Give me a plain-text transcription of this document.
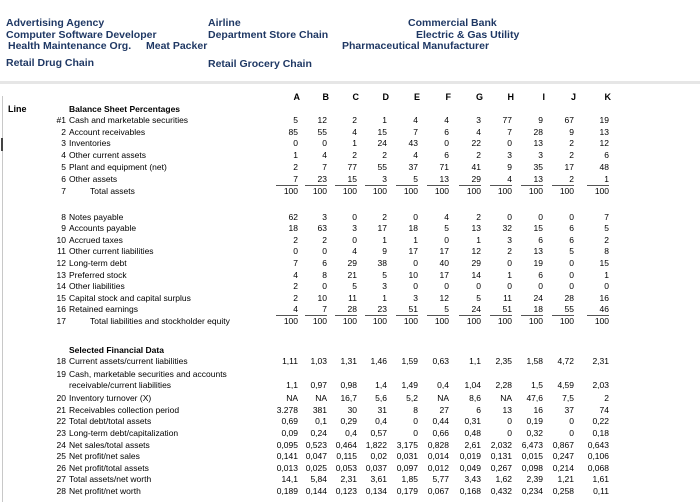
Advertising Agency	Airline	Commercial Bank
Computer Software Developer	Department Store Chain	Electric & Gas Utility
Health Maintenance Org. Meat Packer	Pharmaceutical Manufacturer
Retail Drug Chain	Retail Grocery Chain
Line
A	B	C	D	E	F	G	H	I	J	K
Balance Sheet Percentages
#1 Cash and marketable securities	5	12	2	1	4	4	3	77	9	67	19
2 Account receivables	85	55	4	15	7	6	4	7	28	9	13
3 Inventories	0	0	1	24	43	0	22	0	13	2	12
4 Other current assets	1	4	2	2	4	6	2	3	3	2	6
5 Plant and equipment (net)	2	7	77	55	37	71	41	9	35	17	48
6 Other assets	7	23	15	3	5	13	29	4	13	2	1
7	Total assets	100	100	100	100	100	100	100	100	100	100	100
8 Notes payable	62	3	0	2	0	4	2	0	0	0	7
9 Accounts payable	18	63	3	17	18	5	13	32	15	6	5
10 Accrued taxes	2	2	0	1	1	0	1	3	6	6	2
11 Other current liabilities	0	0	4	9	17	17	12	2	13	5	8
12 Long-term debt	7	6	29	38	0	40	29	0	19	0	15
13 Preferred stock	4	8	21	5	10	17	14	1	6	0	1
14 Other liabilities	2	0	5	3	0	0	0	0	0	0	0
15 Capital stock and capital surplus	2	10	11	1	3	12	5	11	24	28	16
16 Retained earnings	4	7	28	23	51	5	24	51	18	55	46
17	Total liabilities and stockholder equity	100	100	100	100	100	100	100	100	100	100	100
Selected Financial Data
18 Current assets/current liabilities	1,11	1,03	1,31	1,46	1,59	0,63	1,1	2,35	1,58	4,72	2,31
19 Cash, marketable securities and accounts
receivable/current liabilities	1,1	0,97	0,98	1,4	1,49	0,4	1,04	2,28	1,5	4,59	2,03
20 Inventory turnover (X)	NA	NA	16,7	5,6	5,2	NA	8,6	NA	47,6	7,5	2
21 Receivables collection period	3.278	381	30	31	8	27	6	13	16	37	74
22 Total debt/total assets	0,69	0,1	0,29	0,4	0	0,44	0,31	0	0,19	0	0,22
23 Long-term debt/capitalization	0,09	0,24	0,4	0,57	0	0,66	0,48	0	0,32	0	0,18
24 Net sales/total assets	0,095 0,523	0,464	1,822	3,175	0,828	2,61	2,032	6,473	0,867	0,643
25 Net profit/net sales	0,141 0,047	0,115	0,02	0,031	0,014	0,019	0,131	0,015	0,247	0,106
26 Net profit/total assets	0,013 0,025	0,053	0,037	0,097	0,012	0,049	0,267	0,098	0,214	0,068
27 Total assets/net worth	14,1	5,84	2,31	3,61	1,85	5,77	3,43	1,62	2,39	1,21	1,61
28 Net profit/net worth	0,189 0,144	0,123	0,134	0,179	0,067	0,168	0,432	0,234	0,258	0,11
